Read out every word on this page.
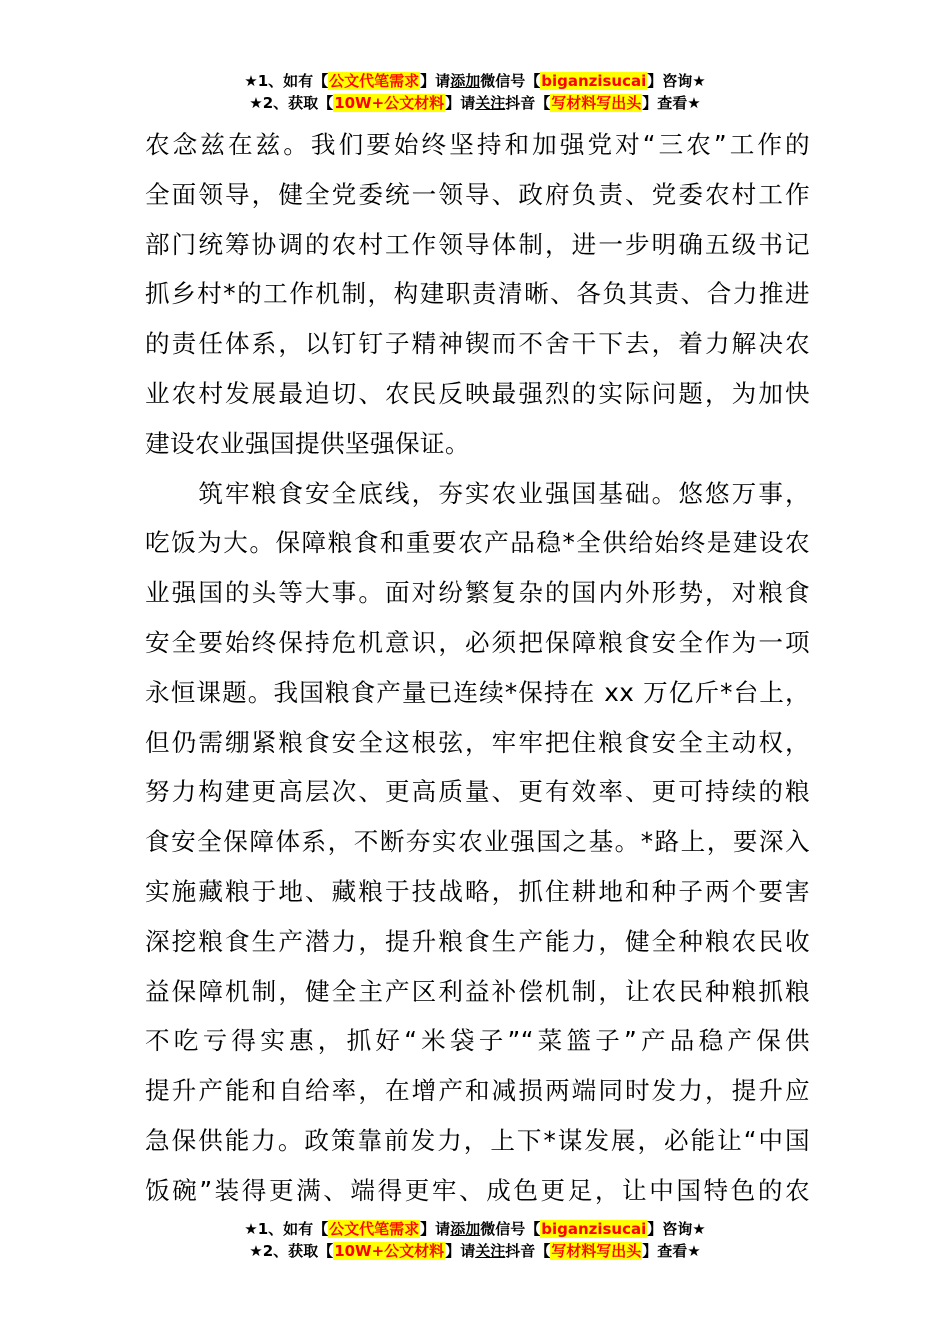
★1、如有【公文代笔需求】请添加微信号【biganzisucai】咨询★
★2、获取【10W+公文材料】请关注抖音【写材料写出头】查看★
农念兹在兹。我们要始终坚持和加强党对“三农”工作的
全面领导，健全党委统一领导、政府负责、党委农村工作
部门统筹协调的农村工作领导体制，进一步明确五级书记
抓乡村*的工作机制，构建职责清晰、各负其责、合力推进
的责任体系，以钉钉子精神锲而不舍干下去，着力解决农
业农村发展最迫切、农民反映最强烈的实际问题，为加快
建设农业强国提供坚强保证。
　　筑牢粮食安全底线，夯实农业强国基础。悠悠万事，
吃饭为大。保障粮食和重要农产品稳*全供给始终是建设农
业强国的头等大事。面对纷繁复杂的国内外形势，对粮食
安全要始终保持危机意识，必须把保障粮食安全作为一项
永恒课题。我国粮食产量已连续*保持在 xx 万亿斤*台上，
但仍需绷紧粮食安全这根弦，牢牢把住粮食安全主动权，
努力构建更高层次、更高质量、更有效率、更可持续的粮
食安全保障体系，不断夯实农业强国之基。*路上，要深入
实施藏粮于地、藏粮于技战略，抓住耕地和种子两个要害
深挖粮食生产潜力，提升粮食生产能力，健全种粮农民收
益保障机制，健全主产区利益补偿机制，让农民种粮抓粮
不吃亏得实惠，抓好“米袋子”“菜篮子”产品稳产保供
提升产能和自给率，在增产和减损两端同时发力，提升应
急保供能力。政策靠前发力，上下*谋发展，必能让“中国
饭碗”装得更满、端得更牢、成色更足，让中国特色的农
★1、如有【公文代笔需求】请添加微信号【biganzisucai】咨询★
★2、获取【10W+公文材料】请关注抖音【写材料写出头】查看★
